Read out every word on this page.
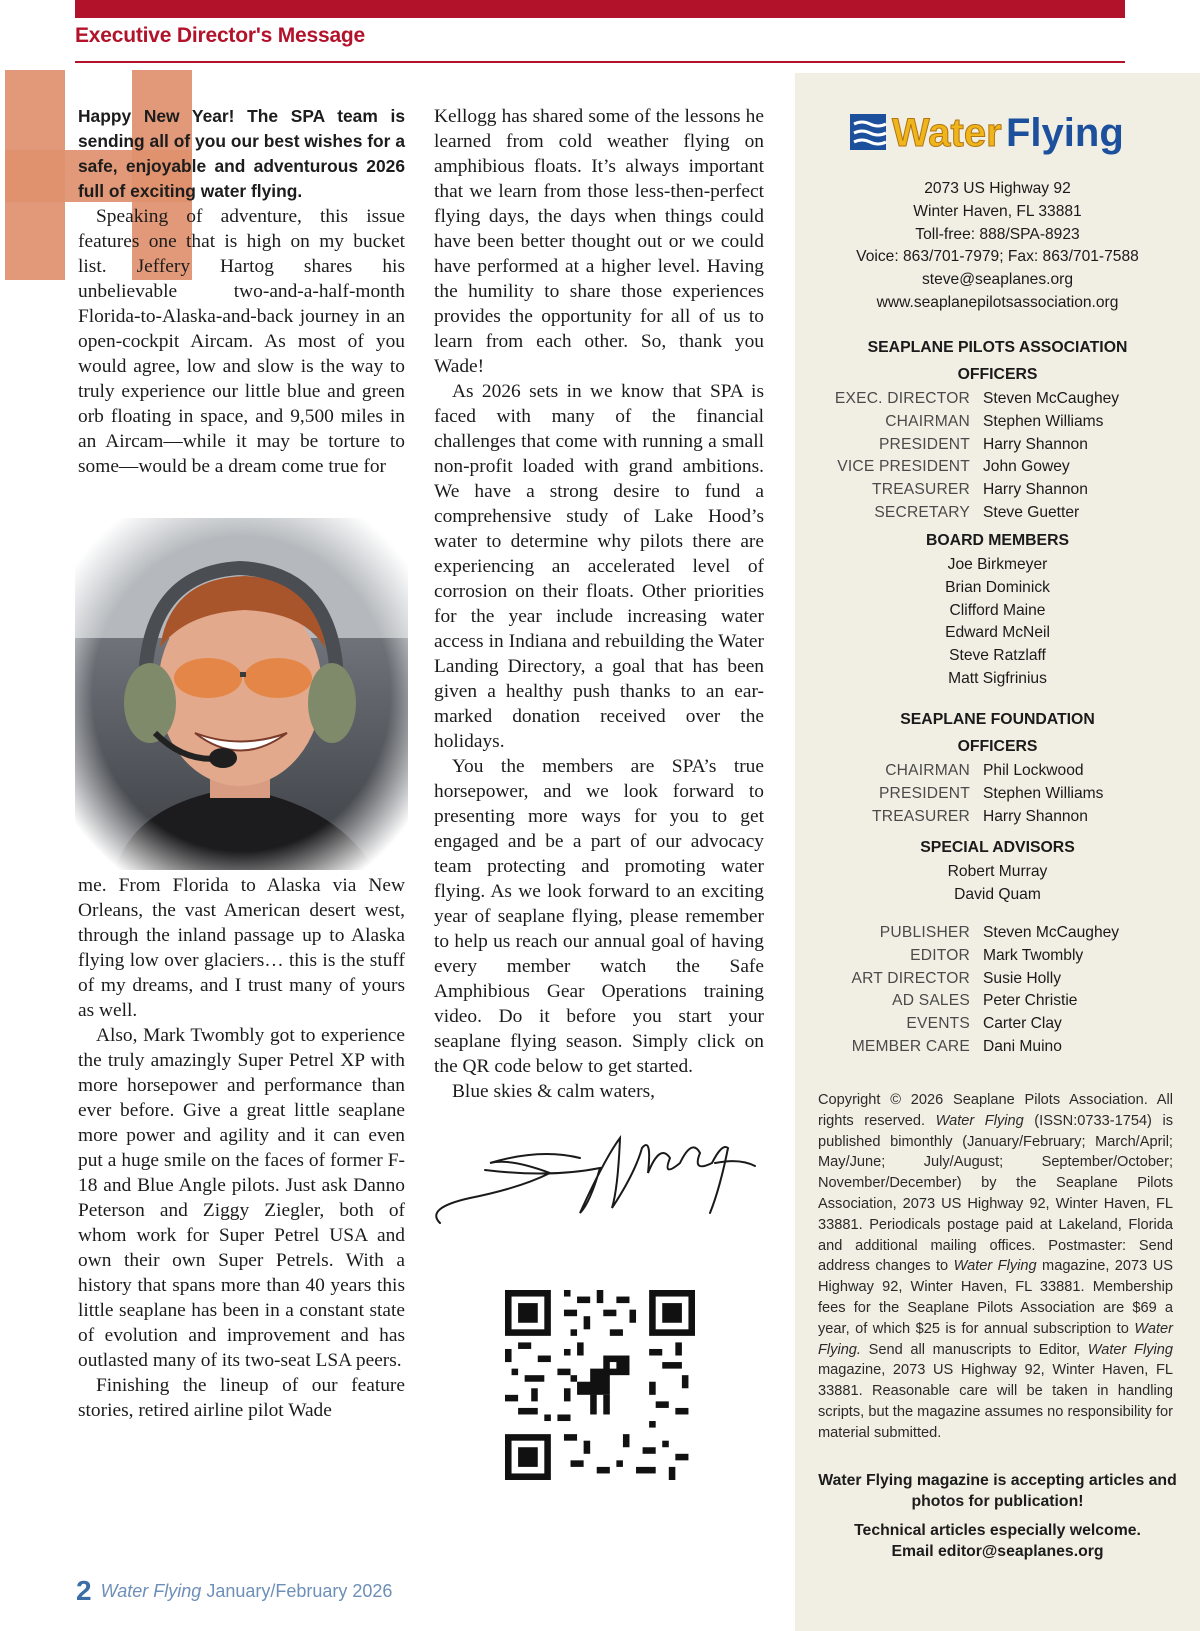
Executive Director's Message

Happy New Year! The SPA team is sending all of you our best wishes for a safe, enjoyable and adventurous 2026 full of exciting water flying.

Speaking of adventure, this issue features one that is high on my bucket list. Jeffery Hartog shares his unbelievable two-and-a-half-month Florida-to-Alaska-and-back journey in an open-cockpit Aircam. As most of you would agree, low and slow is the way to truly experience our little blue and green orb floating in space, and 9,500 miles in an Aircam—while it may be torture to some—would be a dream come true for

me. From Florida to Alaska via New Orleans, the vast American desert west, through the inland passage up to Alaska flying low over glaciers… this is the stuff of my dreams, and I trust many of yours as well.

Also, Mark Twombly got to experience the truly amazingly Super Petrel XP with more horsepower and performance than ever before. Give a great little seaplane more power and agility and it can even put a huge smile on the faces of former F-18 and Blue Angle pilots. Just ask Danno Peterson and Ziggy Ziegler, both of whom work for Super Petrel USA and own their own Super Petrels. With a history that spans more than 40 years this little seaplane has been in a constant state of evolution and improvement and has outlasted many of its two-seat LSA peers.

Finishing the lineup of our feature stories, retired airline pilot Wade

Kellogg has shared some of the lessons he learned from cold weather flying on amphibious floats. It’s always important that we learn from those less-then-perfect flying days, the days when things could have been better thought out or we could have performed at a higher level. Having the humility to share those experiences provides the opportunity for all of us to learn from each other. So, thank you Wade!

As 2026 sets in we know that SPA is faced with many of the financial challenges that come with running a small non-profit loaded with grand ambitions. We have a strong desire to fund a comprehensive study of Lake Hood’s water to determine why pilots there are experiencing an accelerated level of corrosion on their floats. Other priorities for the year include increasing water access in Indiana and rebuilding the Water Landing Directory, a goal that has been given a healthy push thanks to an ear-marked donation received over the holidays.

You the members are SPA’s true horsepower, and we look forward to presenting more ways for you to get engaged and be a part of our advocacy team protecting and promoting water flying. As we look forward to an exciting year of seaplane flying, please remember to help us reach our annual goal of having every member watch the Safe Amphibious Gear Operations training video. Do it before you start your seaplane flying season. Simply click on the QR code below to get started.

Blue skies & calm waters,

2 Water Flying January/February 2026
Water Flying
2073 US Highway 92
Winter Haven, FL 33881
Toll-free: 888/SPA-8923
Voice: 863/701-7979; Fax: 863/701-7588
steve@seaplanes.org
www.seaplanepilotsassociation.org
SEAPLANE PILOTS ASSOCIATION
OFFICERS
EXEC. DIRECTOR Steven McCaughey
CHAIRMAN Stephen Williams
PRESIDENT Harry Shannon
VICE PRESIDENT John Gowey
TREASURER Harry Shannon
SECRETARY Steve Guetter
BOARD MEMBERS
Joe Birkmeyer
Brian Dominick
Clifford Maine
Edward McNeil
Steve Ratzlaff
Matt Sigfrinius
SEAPLANE FOUNDATION
OFFICERS
CHAIRMAN Phil Lockwood
PRESIDENT Stephen Williams
TREASURER Harry Shannon
SPECIAL ADVISORS
Robert Murray
David Quam
PUBLISHER Steven McCaughey
EDITOR Mark Twombly
ART DIRECTOR Susie Holly
AD SALES Peter Christie
EVENTS Carter Clay
MEMBER CARE Dani Muino
Copyright © 2026 Seaplane Pilots Association. All rights reserved. Water Flying (ISSN:0733-1754) is published bimonthly (January/February; March/April; May/June; July/August; September/October; November/December) by the Seaplane Pilots Association, 2073 US Highway 92, Winter Haven, FL 33881. Periodicals postage paid at Lakeland, Florida and additional mailing offices. Postmaster: Send address changes to Water Flying magazine, 2073 US Highway 92, Winter Haven, FL 33881. Membership fees for the Seaplane Pilots Association are $69 a year, of which $25 is for annual subscription to Water Flying. Send all manuscripts to Editor, Water Flying magazine, 2073 US Highway 92, Winter Haven, FL 33881. Reasonable care will be taken in handling scripts, but the magazine assumes no responsibility for material submitted.

Water Flying magazine is accepting articles and photos for publication!

Technical articles especially welcome.

Email editor@seaplanes.org
